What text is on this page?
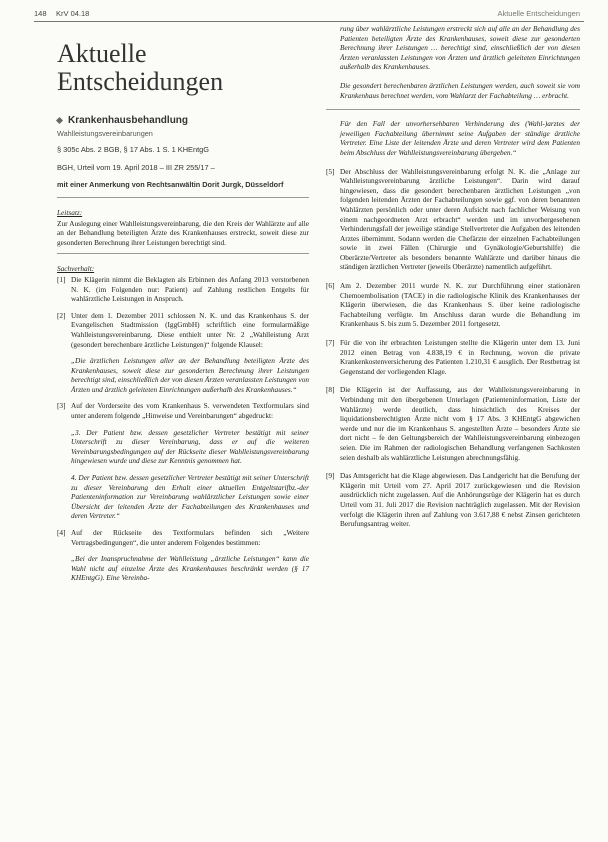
148 KrV 04.18	Aktuelle Entscheidungen
Aktuelle
Entscheidungen
Krankenhausbehandlung
Wahlleistungsvereinbarungen
§ 305c Abs. 2 BGB, § 17 Abs. 1 S. 1 KHEntgG
BGH, Urteil vom 19. April 2018 – III ZR 255/17 –
mit einer Anmerkung von Rechtsanwältin Dorit Jurgk, Düsseldorf
Leitsatz:
Zur Auslegung einer Wahlleistungsvereinbarung, die den Kreis der Wahlärzte auf alle an der Behandlung beteiligten Ärzte des Krankenhauses erstreckt, soweit diese zur gesonderten Berechnung ihrer Leistungen berechtigt sind.
Sachverhalt:
[1] Die Klägerin nimmt die Beklagten als Erbinnen des Anfang 2013 verstorbenen N. K. (im Folgenden nur: Patient) auf Zahlung restlichen Entgelts für wahlärztliche Leistungen in Anspruch.
[2] Unter dem 1. Dezember 2011 schlossen N. K. und das Krankenhaus S. der Evangelischen Stadtmission (IggGmbH) schriftlich eine formularmäßige Wahlleistungsvereinbarung. Diese enthielt unter Nr. 2 „Wahlleistung Arzt (gesondert berechenbare ärztliche Leistungen)“ folgende Klausel:
„Die ärztlichen Leistungen aller an der Behandlung beteiligten Ärzte des Krankenhauses, soweit diese zur gesonderten Berechnung ihrer Leistungen berechtigt sind, einschließlich der von diesen Ärzten veranlassten Leistungen von Ärzten und ärztlich geleiteten Einrichtungen außerhalb des Krankenhauses.“
[3] Auf der Vorderseite des vom Krankenhaus S. verwendeten Textformulars sind unter anderem folgende „Hinweise und Vereinbarungen“ abgedruckt:
„3. Der Patient bzw. dessen gesetzlicher Vertreter bestätigt mit seiner Unterschrift zu dieser Vereinbarung, dass er auf die weiteren Vereinbarungsbedingungen auf der Rückseite dieser Wahlleistungsvereinbarung hingewiesen wurde und diese zur Kenntnis genommen hat.
4. Der Patient bzw. dessen gesetzlicher Vertreter bestätigt mit seiner Unterschrift zu dieser Vereinbarung den Erhalt einer aktuellen Entgeltstarifbz.-der Patienteninformation zur Vereinbarung wahlärztlicher Leistungen sowie einer Übersicht der leitenden Ärzte der Fachabteilungen des Krankenhauses und deren Vertreter.“
[4] Auf der Rückseite des Textformulars befinden sich „Weitere Vertragsbedingungen“, die unter anderem Folgendes bestimmen:
„Bei der Inanspruchnahme der Wahlleistung „ärztliche Leistungen“ kann die Wahl nicht auf einzelne Ärzte des Krankenhauses beschränkt werden (§ 17 KHEntgG). Eine Vereinba-
rung über wahlärztliche Leistungen erstreckt sich auf alle an der Behandlung des Patienten beteiligten Ärzte des Krankenhauses, soweit diese zur gesonderten Berechnung ihrer Leistungen … berechtigt sind, einschließlich der von diesen Ärzten veranlassten Leistungen von Ärzten und ärztlich geleiteten Einrichtungen außerhalb des Krankenhauses.
Die gesondert berechenbaren ärztlichen Leistungen werden, auch soweit sie vom Krankenhaus berechnet werden, vom Wahlarzt der Fachabteilung … erbracht.
Für den Fall der unvorhersehbaren Verhinderung des (Wahl-)arztes der jeweiligen Fachabteilung übernimmt seine Aufgaben der ständige ärztliche Vertreter. Eine Liste der leitenden Ärzte und deren Vertreter wird dem Patienten beim Abschluss der Wahlleistungsvereinbarung übergeben.“
[5] Der Abschluss der Wahlleistungsvereinbarung erfolgt N. K. die „Anlage zur Wahlleistungsvereinbarung ärztliche Leistungen“. Darin wird darauf hingewiesen, dass die gesondert berechenbaren ärztlichen Leistungen „von folgenden leitenden Ärzten der Fachabteilungen sowie ggf. von deren benannten Wahlärzten persönlich oder unter deren Aufsicht nach fachlicher Weisung von einem nachgeordneten Arzt erbracht“ werden und im unvorhergesehenen Verhinderungsfall der jeweilige ständige Stellvertreter die Aufgaben des leitenden Arztes übernimmt. Sodann werden die Chefärzte der einzelnen Fachabteilungen sowie in zwei Fällen (Chirurgie und Gynäkologie/Geburtshilfe) die Oberärzte/Vertreter als besonders benannte Wahlärzte und darüber hinaus die ständigen ärztlichen Vertreter (jeweils Oberärzte) namentlich aufgeführt.
[6] Am 2. Dezember 2011 wurde N. K. zur Durchführung einer stationären Chemoembolisation (TACE) in die radiologische Klinik des Krankenhauses der Klägerin überwiesen, die das Krankenhaus S. über keine radiologische Fachabteilung verfügte. Im Anschluss daran wurde die Behandlung im Krankenhaus S. bis zum 5. Dezember 2011 fortgesetzt.
[7] Für die von ihr erbrachten Leistungen stellte die Klägerin unter dem 13. Juni 2012 einen Betrag von 4.838,19 € in Rechnung, wovon die private Krankenkostenversicherung des Patienten 1.210,31 € ausglich. Der Restbetrag ist Gegenstand der vorliegenden Klage.
[8] Die Klägerin ist der Auffassung, aus der Wahlleistungsvereinbarung in Verbindung mit den übergebenen Unterlagen (Patienteninformation, Liste der Wahlärzte) werde deutlich, dass hinsichtlich des Kreises der liquidationsberechtigten Ärzte nicht vom § 17 Abs. 3 KHEntgG abgewichen werde und nur die im Krankenhaus S. angestellten Ärzte – besonders Ärzte sie dort nicht – fe den Geltungsbereich der Wahlleistungsvereinbarung einbezogen seien. Die im Rahmen der radiologischen Behandlung verfangenen Sachkosten seien deshalb als wahlärztliche Leistungen abrechnungsfähig.
[9] Das Amtsgericht hat die Klage abgewiesen. Das Landgericht hat die Berufung der Klägerin mit Urteil vom 27. April 2017 zurückgewiesen und die Revision ausdrücklich nicht zugelassen. Auf die Anhörungsrüge der Klägerin hat es durch Urteil vom 31. Juli 2017 die Revision nachträglich zugelassen. Mit der Revision verfolgt die Klägerin ihren auf Zahlung von 3.617,88 € nebst Zinsen gerichteten Berufungsantrag weiter.
